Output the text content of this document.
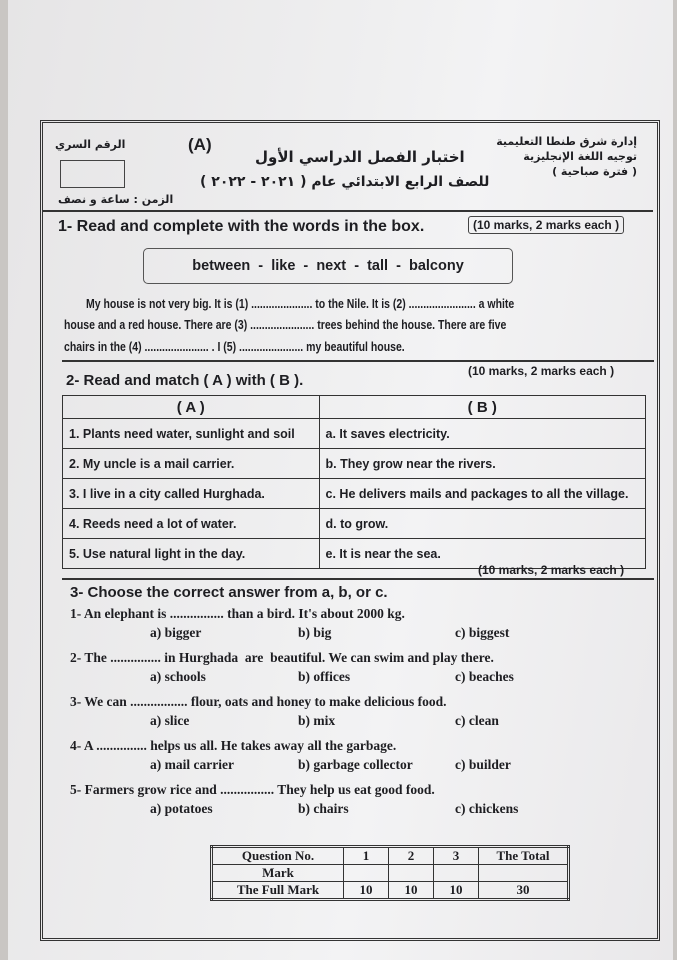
إدارة شرق طنطا التعليمية
توجيه اللغة الإنجليزية
( فترة صباحية )
اختبار الفصل الدراسي الأول
للصف الرابع الابتدائي عام ( ٢٠٢١ - ٢٠٢٢ )
(A)
الرقم السري
الزمن : ساعة و نصف
1- Read and complete with the words in the box.	(10 marks, 2 marks each )
between  -  like  -  next  -  tall  -  balcony
My house is not very big. It is (1) ..................... to the Nile. It is (2) ....................... a white
house and a red house. There are (3) ...................... trees behind the house. There are five
chairs in the (4) ...................... . I (5) ...................... my beautiful house.
2- Read and match ( A ) with ( B ).
(10 marks, 2 marks each )
( A )	( B )
1. Plants need water, sunlight and soil	a. It saves electricity.
2. My uncle is a mail carrier.	b. They grow near the rivers.
3. I live in a city called Hurghada.	c. He delivers mails and packages to all the village.
4. Reeds need a lot of water.	d. to grow.
5. Use natural light in the day.	e. It is near the sea.
3- Choose the correct answer from a, b, or c.
(10 marks, 2 marks each )
1- An elephant is ................ than a bird. It's about 2000 kg.
a) bigger	b) big	c) biggest
2- The ............... in Hurghada  are  beautiful. We can swim and play there.
a) schools	b) offices	c) beaches
3- We can ................. flour, oats and honey to make delicious food.
a) slice	b) mix	c) clean
4- A ............... helps us all. He takes away all the garbage.
a) mail carrier	b) garbage collector	c) builder
5- Farmers grow rice and ................ They help us eat good food.
a) potatoes	b) chairs	c) chickens
Question No.	1	2	3	The Total
Mark				
The Full Mark	10	10	10	30
